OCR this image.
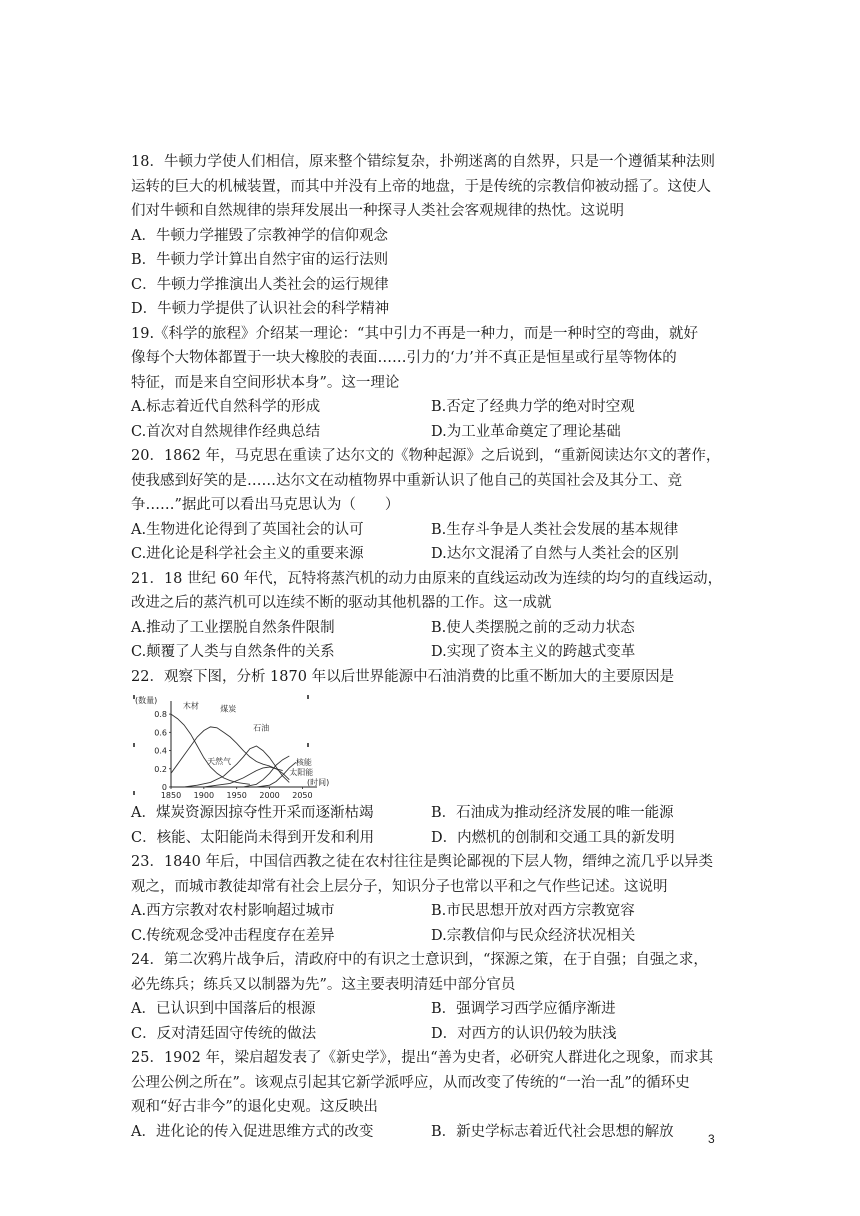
18．牛顿力学使人们相信，原来整个错综复杂，扑朔迷离的自然界，只是一个遵循某种法则
运转的巨大的机械装置，而其中并没有上帝的地盘，于是传统的宗教信仰被动摇了。这使人
们对牛顿和自然规律的崇拜发展出一种探寻人类社会客观规律的热忱。这说明
A．牛顿力学摧毁了宗教神学的信仰观念
B．牛顿力学计算出自然宇宙的运行法则
C．牛顿力学推演出人类社会的运行规律
D．牛顿力学提供了认识社会的科学精神
19.《科学的旅程》介绍某一理论：“其中引力不再是一种力，而是一种时空的弯曲，就好
像每个大物体都置于一块大橡胶的表面……引力的‘力’并不真正是恒星或行星等物体的
特征，而是来自空间形状本身”。这一理论
A.标志着近代自然科学的形成	B.否定了经典力学的绝对时空观
C.首次对自然规律作经典总结	D.为工业革命奠定了理论基础
20．1862 年，马克思在重读了达尔文的《物种起源》之后说到，“重新阅读达尔文的著作，
使我感到好笑的是……达尔文在动植物界中重新认识了他自己的英国社会及其分工、竞
争……”据此可以看出马克思认为（　　）
A.生物进化论得到了英国社会的认可	B.生存斗争是人类社会发展的基本规律
C.进化论是科学社会主义的重要来源	D.达尔文混淆了自然与人类社会的区别
21．18 世纪 60 年代，瓦特将蒸汽机的动力由原来的直线运动改为连续的均匀的直线运动，
改进之后的蒸汽机可以连续不断的驱动其他机器的工作。这一成就
A.推动了工业摆脱自然条件限制	B.使人类摆脱之前的乏动力状态
C.颠覆了人类与自然条件的关系	D.实现了资本主义的跨越式变革
22．观察下图，分析 1870 年以后世界能源中石油消费的比重不断加大的主要原因是
0
0.2
0.4
0.6
0.8
1850 1900 1950 2000 2050
(数量)
(时间)
木材	煤炭
石油
天然气	核能
太阳能
A．煤炭资源因掠夺性开采而逐渐枯竭	B．石油成为推动经济发展的唯一能源
C．核能、太阳能尚未得到开发和利用	D．内燃机的创制和交通工具的新发明
23．1840 年后，中国信西教之徒在农村往往是舆论鄙视的下层人物，缙绅之流几乎以异类
观之，而城市教徒却常有社会上层分子，知识分子也常以平和之气作些记述。这说明
A.西方宗教对农村影响超过城市	B.市民思想开放对西方宗教宽容
C.传统观念受冲击程度存在差异	D.宗教信仰与民众经济状况相关
24．第二次鸦片战争后，清政府中的有识之士意识到，“探源之策，在于自强；自强之求，
必先练兵；练兵又以制器为先”。这主要表明清廷中部分官员
A．已认识到中国落后的根源	B．强调学习西学应循序渐进
C．反对清廷固守传统的做法	D．对西方的认识仍较为肤浅
25．1902 年，梁启超发表了《新史学》，提出“善为史者，必研究人群进化之现象，而求其
公理公例之所在”。该观点引起其它新学派呼应，从而改变了传统的“一治一乱”的循环史
观和“好古非今”的退化史观。这反映出
A．进化论的传入促进思维方式的改变	B．新史学标志着近代社会思想的解放	3
